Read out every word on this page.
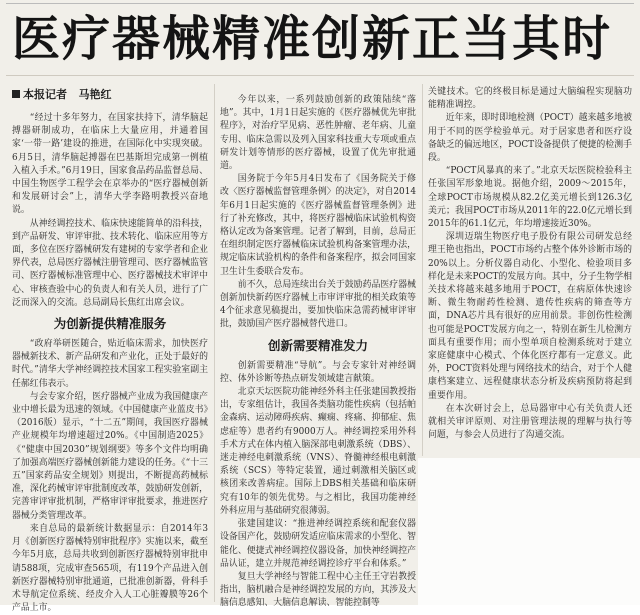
医疗器械精准创新正当其时
本报记者 马艳红

“经过十多年努力，在国家扶持下，清华脑起搏器研制成功，在临床上大量应用，并通着国家‘一带一路’建设的推进，在国际化中实现突破。6月5日，清华脑起搏器在巴基斯坦完成第一例植入植入手术。”6月19日，国家食品药品监督总局、中国生物医学工程学会在京举办的“医疗器械创新和发展研讨会”上，清华大学李路明教授兴奋地说。

从神经调控技术、临床快速能简单的沿科技，到产品研发、审评审批、技术转化、临床应用等方面，多位在医疗器械研发有建树的专家学者和企业界代表，总局医疗器械注册管理司、医疗器械监管司、医疗器械标准管理中心、医疗器械技术审评中心、审核查验中心的负责人和有关人员，进行了广泛而深入的交流。总局副局长焦红出席会议。

为创新提供精准服务

“政府举研医随合，贴近临床需求，加快医疗器械新技术、新产品研发和产业化，正处于最好的时代。”清华大学神经调控技术国家工程实验室副主任郝红伟表示。

与会专家介绍，医疗器械产业成为我国健康产业中增长最为迅速的领域。《中国健康产业蓝皮书》（2016版）显示，“十二五”期间，我国医疗器械产业规模年均增速超过20%。《中国制造2025》《“健康中国2030”规划纲要》等多个文件均明确了加强高端医疗器械创新能力建设的任务。《“十三五”国家药品安全规划》则提出，不断提高药械标准，深化药械审评审批制度改革，鼓励研发创新，完善审评审批机制，严格审评审批要求，推进医疗器械分类管理改革。

来自总局的最新统计数据显示：自2014年3月《创新医疗器械特别审批程序》实施以来，截至今年5月底，总局共收到创新医疗器械特别审批申请588项，完成审查565项，有119个产品进入创新医疗器械特别审批通道，已批准创新器，骨科手术导航定位系统、经皮介入人工心脏瓣膜等26个产品上市。

今年以来，一系列鼓励创新的政策陆续“落地”。其中，1月1日起实施的《医疗器械优先审批程序》，对治疗罕见病、恶性肿瘤、老年病、儿童专用、临床急需以及列入国家科技重大专项或重点研发计划等情形的医疗器械，设置了优先审批通道。

国务院于今年5月4日发布了《国务院关于修改〈医疗器械监督管理条例〉的决定》，对自2014年6月1日起实施的《医疗器械监督管理条例》进行了补充修改，其中，将医疗器械临床试验机构资格认定改为备案管理。记者了解到，目前，总局正在组织制定医疗器械临床试验机构备案管理办法，规定临床试验机构的条件和备案程序，拟会同国家卫生计生委联合发布。

前不久，总局连续出台关于鼓励药品医疗器械创新加快新药医疗器械上市审评审批的相关政策等4个征求意见稿提出，要加快临床急需药械审评审批，鼓励国产医疗器械替代进口。

创新需要精准发力

创新需要精准“导航”。与会专家针对神经调控、体外诊断等热点研发领域建言献策。

北京天坛医院功能神经外科主任张建国教授指出，专家组估计，我国各类脑功能性疾病（包括帕金森病、运动障碍疾病、癫痫、疼痛、抑郁症、焦虑症等）患者约有9000万人。神经调控采用外科手术方式在体内植入脑深部电刺激系统（DBS）、迷走神经电刺激系统（VNS）、脊髓神经根电刺激系统（SCS）等特定装置，通过刺激相关脑区或核团来改善病症。国际上DBS相关基础和临床研究有10年的领先优势。与之相比，我国功能神经外科应用与基础研究很薄弱。

张建国建议：“推进神经调控系统和配套仪器设备国产化，鼓励研发适应临床需求的小型化、智能化、便捷式神经调控仪器设备，加快神经调控产品认证，建立并规范神经调控诊疗平台和体系。”

复旦大学神经与智能工程中心主任王守岩教授指出，脑机融合是神经调控发展的方向，其涉及大脑信息感知、大脑信息解读、智能控制等

关键技术。它的终极目标是通过大脑编程实现脑功能精准调控。

近年来，即时即地检测（POCT）越来越多地被用于不同的医学检验单元。对于居家患者和医疗设备缺乏的偏远地区，POCT设备提供了便捷的检测手段。

“POCT风暴真的来了。”北京天坛医院检验科主任张国军形象地说。据他介绍，2009～2015年，全球POCT市场规模从82.2亿美元增长到126.3亿美元；我国POCT市场从2011年的22.0亿元增长到2015年的61.1亿元，年均增速接近30%。

深圳迈瑞生物医疗电子股份有限公司研发总经理王艳也指出，POCT市场约占整个体外诊断市场的20%以上。分析仪器自动化、小型化、检验项目多样化是未来POCT的发展方向。其中，分子生物学相关技术将越来越多地用于POCT，在病原体快速诊断、微生物耐药性检测、遗传性疾病的筛查等方面，DNA芯片具有很好的应用前景。非创伤性检测也可能是POCT发展方向之一，特别在新生儿检测方面具有重要作用；而小型单项自检测系统对于建立家庭健康中心模式、个体化医疗都有一定意义。此外，POCT资料处理与网络技术的结合，对于个人健康档案建立、远程健康状态分析及疾病预防将起到重要作用。

在本次研讨会上，总局器审中心有关负责人还就相关审评原则、对注册管理法规的理解与执行等问题，与参会人员进行了沟通交流。
